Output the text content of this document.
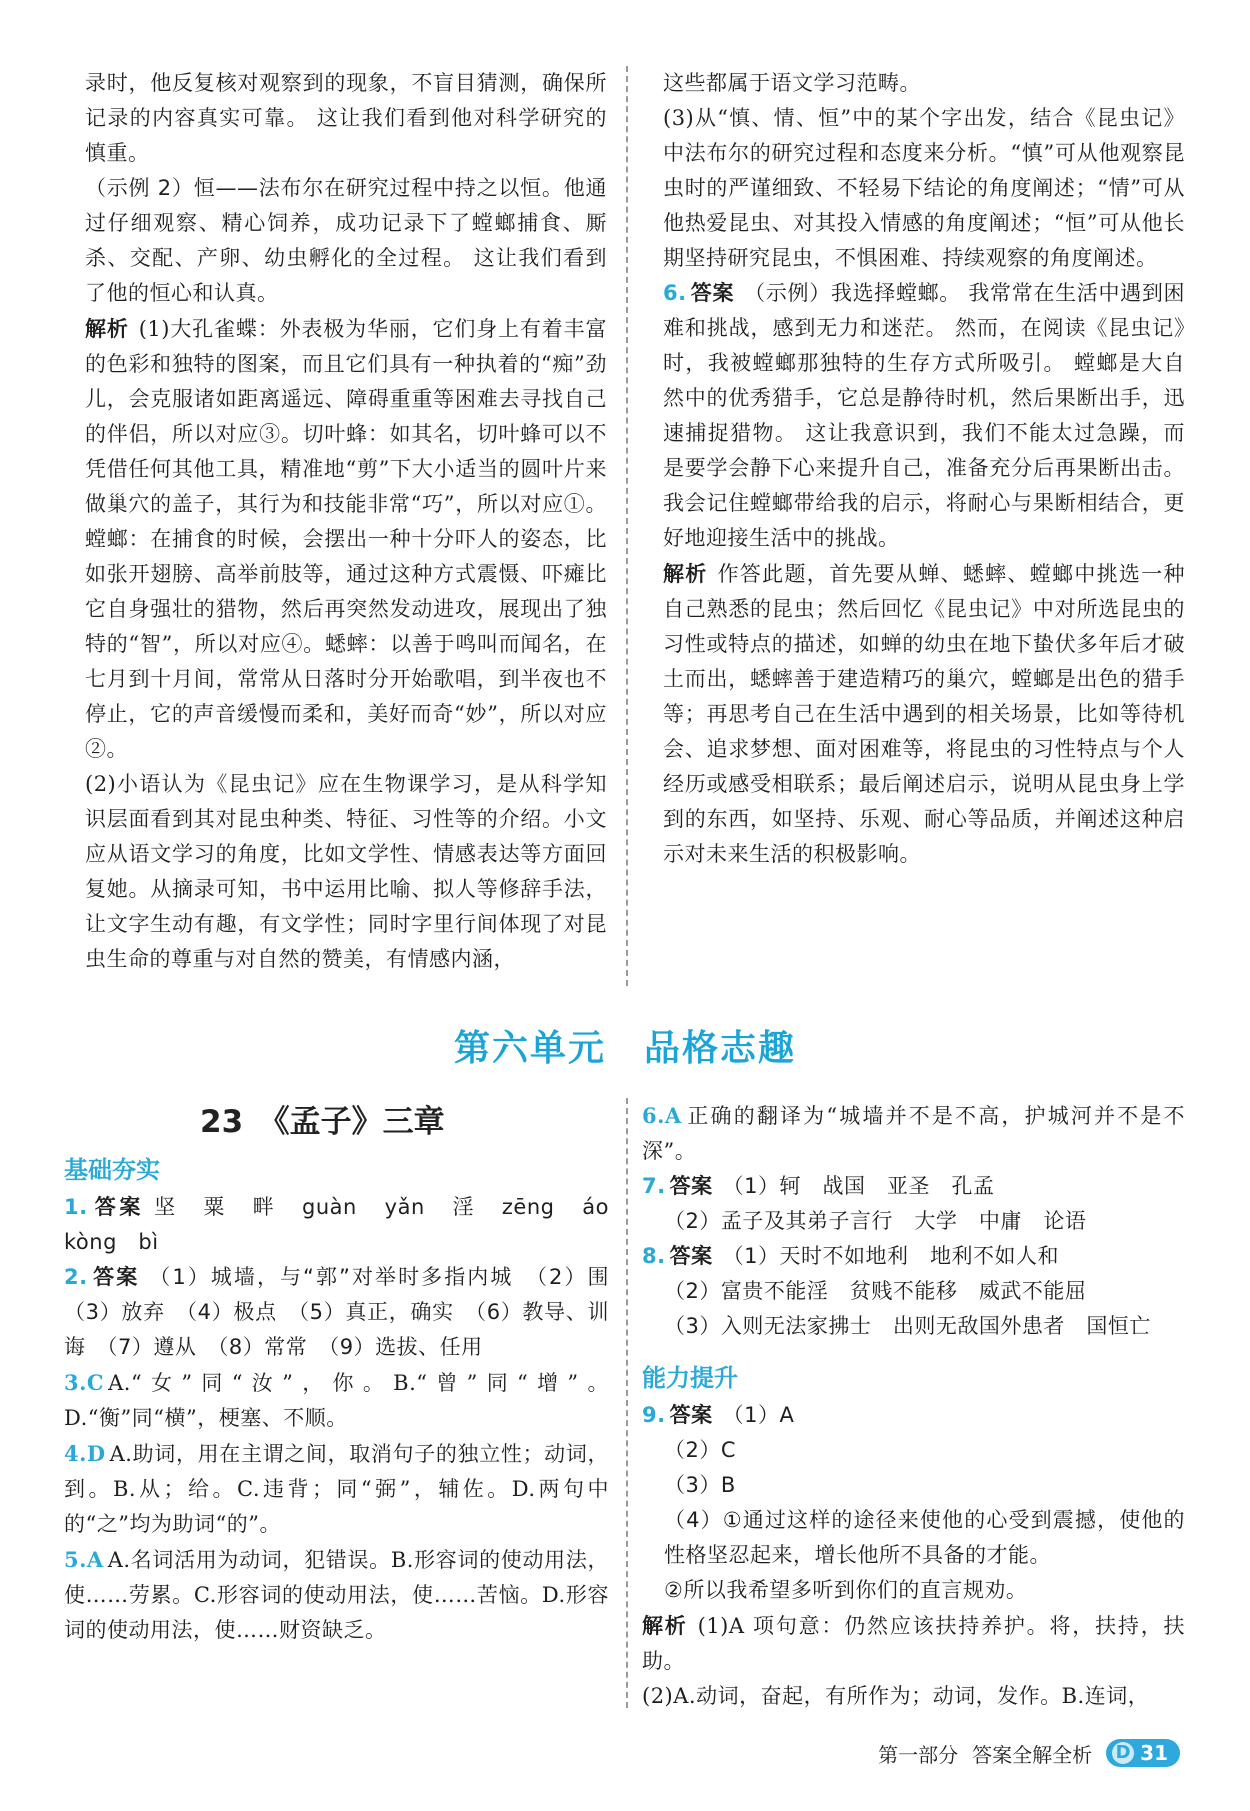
录时，他反复核对观察到的现象，不盲目猜测，确保所记录的内容真实可靠。 这让我们看到他对科学研究的慎重。

（示例 2）恒——法布尔在研究过程中持之以恒。他通过仔细观察、精心饲养，成功记录下了螳螂捕食、厮杀、交配、产卵、幼虫孵化的全过程。 这让我们看到了他的恒心和认真。

解析 (1)大孔雀蝶：外表极为华丽，它们身上有着丰富的色彩和独特的图案，而且它们具有一种执着的“痴”劲儿，会克服诸如距离遥远、障碍重重等困难去寻找自己的伴侣，所以对应③。切叶蜂：如其名，切叶蜂可以不凭借任何其他工具，精准地“剪”下大小适当的圆叶片来做巢穴的盖子，其行为和技能非常“巧”，所以对应①。螳螂：在捕食的时候，会摆出一种十分吓人的姿态，比如张开翅膀、高举前肢等，通过这种方式震慑、吓瘫比它自身强壮的猎物，然后再突然发动进攻，展现出了独特的“智”，所以对应④。蟋蟀：以善于鸣叫而闻名，在七月到十月间，常常从日落时分开始歌唱，到半夜也不停止，它的声音缓慢而柔和，美好而奇“妙”，所以对应②。

(2)小语认为《昆虫记》应在生物课学习，是从科学知识层面看到其对昆虫种类、特征、习性等的介绍。小文应从语文学习的角度，比如文学性、情感表达等方面回复她。从摘录可知，书中运用比喻、拟人等修辞手法，让文字生动有趣，有文学性；同时字里行间体现了对昆虫生命的尊重与对自然的赞美，有情感内涵，

这些都属于语文学习范畴。

(3)从“慎、情、恒”中的某个字出发，结合《昆虫记》中法布尔的研究过程和态度来分析。“慎”可从他观察昆虫时的严谨细致、不轻易下结论的角度阐述；“情”可从他热爱昆虫、对其投入情感的角度阐述；“恒”可从他长期坚持研究昆虫，不惧困难、持续观察的角度阐述。

6. 答案 （示例）我选择螳螂。 我常常在生活中遇到困难和挑战，感到无力和迷茫。 然而，在阅读《昆虫记》时，我被螳螂那独特的生存方式所吸引。 螳螂是大自然中的优秀猎手，它总是静待时机，然后果断出手，迅速捕捉猎物。 这让我意识到，我们不能太过急躁，而是要学会静下心来提升自己，准备充分后再果断出击。 我会记住螳螂带给我的启示，将耐心与果断相结合，更好地迎接生活中的挑战。

解析 作答此题，首先要从蝉、蟋蟀、螳螂中挑选一种自己熟悉的昆虫；然后回忆《昆虫记》中对所选昆虫的习性或特点的描述，如蝉的幼虫在地下蛰伏多年后才破土而出，蟋蟀善于建造精巧的巢穴，螳螂是出色的猎手等；再思考自己在生活中遇到的相关场景，比如等待机会、追求梦想、面对困难等，将昆虫的习性特点与个人经历或感受相联系；最后阐述启示，说明从昆虫身上学到的东西，如坚持、乐观、耐心等品质，并阐述这种启示对未来生活的积极影响。

第六单元　品格志趣
23　《孟子》三章
基础夯实

1. 答案 坚　粟　畔　guàn　yǎn　淫　zēng　áo　kòng　bì

2. 答案 （1）城墙，与“郭”对举时多指内城　（2）围　（3）放弃　（4）极点　（5）真正，确实　（6）教导、训诲　（7）遵从　（8）常常　（9）选拔、任用

3.C A.“女”同“汝”，你。B.“曾”同“增”。D.“衡”同“横”，梗塞、不顺。

4.D A.助词，用在主谓之间，取消句子的独立性；动词，到。B.从；给。C.违背；同“弼”，辅佐。D.两句中的“之”均为助词“的”。

5.A A.名词活用为动词，犯错误。B.形容词的使动用法，使……劳累。C.形容词的使动用法，使……苦恼。D.形容词的使动用法，使……财资缺乏。

6.A 正确的翻译为“城墙并不是不高，护城河并不是不深”。

7. 答案 （1）轲　战国　亚圣　孔孟

（2）孟子及其弟子言行　大学　中庸　论语

8. 答案 （1）天时不如地利　地利不如人和

（2）富贵不能淫　贫贱不能移　威武不能屈

（3）入则无法家拂士　出则无敌国外患者　国恒亡

能力提升

9. 答案 （1）A

（2）C

（3）B

（4）①通过这样的途径来使他的心受到震撼，使他的性格坚忍起来，增长他所不具备的才能。

②所以我希望多听到你们的直言规劝。

解析 (1)A 项句意：仍然应该扶持养护。将，扶持，扶助。

(2)A.动词，奋起，有所作为；动词，发作。B.连词，

第一部分 答案全解全析 D 31
